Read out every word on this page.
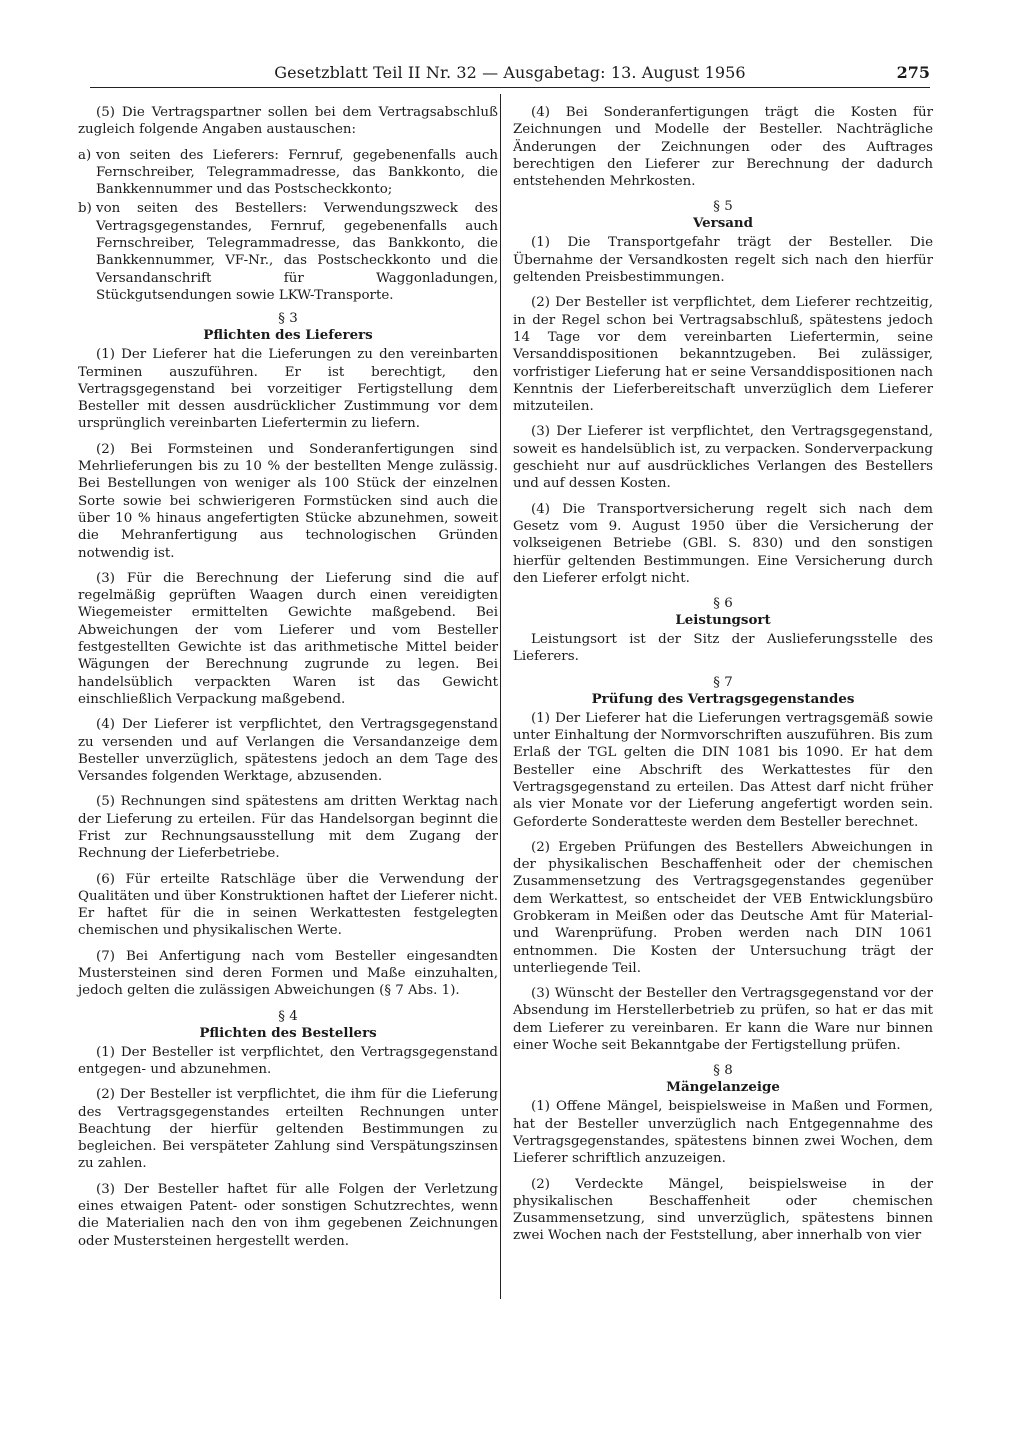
Gesetzblatt Teil II Nr. 32 — Ausgabetag: 13. August 1956	275

(5) Die Vertragspartner sollen bei dem Vertragsabschluß zugleich folgende Angaben austauschen:

a) von seiten des Lieferers: Fernruf, gegebenenfalls auch Fernschreiber, Telegrammadresse, das Bankkonto, die Bankkennummer und das Postscheckkonto;
b) von seiten des Bestellers: Verwendungszweck des Vertragsgegenstandes, Fernruf, gegebenenfalls auch Fernschreiber, Telegrammadresse, das Bankkonto, die Bankkennummer, VF-Nr., das Postscheckkonto und die Versandanschrift für Waggonladungen, Stückgutsendungen sowie LKW-Transporte.
§ 3
Pflichten des Lieferers

(1) Der Lieferer hat die Lieferungen zu den vereinbarten Terminen auszuführen. Er ist berechtigt, den Vertragsgegenstand bei vorzeitiger Fertigstellung dem Besteller mit dessen ausdrücklicher Zustimmung vor dem ursprünglich vereinbarten Liefertermin zu liefern.

(2) Bei Formsteinen und Sonderanfertigungen sind Mehrlieferungen bis zu 10 % der bestellten Menge zulässig. Bei Bestellungen von weniger als 100 Stück der einzelnen Sorte sowie bei schwierigeren Formstücken sind auch die über 10 % hinaus angefertigten Stücke abzunehmen, soweit die Mehranfertigung aus technologischen Gründen notwendig ist.

(3) Für die Berechnung der Lieferung sind die auf regelmäßig geprüften Waagen durch einen vereidigten Wiegemeister ermittelten Gewichte maßgebend. Bei Abweichungen der vom Lieferer und vom Besteller festgestellten Gewichte ist das arithmetische Mittel beider Wägungen der Berechnung zugrunde zu legen. Bei handelsüblich verpackten Waren ist das Gewicht einschließlich Verpackung maßgebend.

(4) Der Lieferer ist verpflichtet, den Vertragsgegenstand zu versenden und auf Verlangen die Versandanzeige dem Besteller unverzüglich, spätestens jedoch an dem Tage des Versandes folgenden Werktage, abzusenden.

(5) Rechnungen sind spätestens am dritten Werktag nach der Lieferung zu erteilen. Für das Handelsorgan beginnt die Frist zur Rechnungsausstellung mit dem Zugang der Rechnung der Lieferbetriebe.

(6) Für erteilte Ratschläge über die Verwendung der Qualitäten und über Konstruktionen haftet der Lieferer nicht. Er haftet für die in seinen Werkattesten festgelegten chemischen und physikalischen Werte.

(7) Bei Anfertigung nach vom Besteller eingesandten Mustersteinen sind deren Formen und Maße einzuhalten, jedoch gelten die zulässigen Abweichungen (§ 7 Abs. 1).

§ 4
Pflichten des Bestellers

(1) Der Besteller ist verpflichtet, den Vertragsgegenstand entgegen- und abzunehmen.

(2) Der Besteller ist verpflichtet, die ihm für die Lieferung des Vertragsgegenstandes erteilten Rechnungen unter Beachtung der hierfür geltenden Bestimmungen zu begleichen. Bei verspäteter Zahlung sind Verspätungszinsen zu zahlen.

(3) Der Besteller haftet für alle Folgen der Verletzung eines etwaigen Patent- oder sonstigen Schutzrechtes, wenn die Materialien nach den von ihm gegebenen Zeichnungen oder Mustersteinen hergestellt werden.

(4) Bei Sonderanfertigungen trägt die Kosten für Zeichnungen und Modelle der Besteller. Nachträgliche Änderungen der Zeichnungen oder des Auftrages berechtigen den Lieferer zur Berechnung der dadurch entstehenden Mehrkosten.

§ 5
Versand

(1) Die Transportgefahr trägt der Besteller. Die Übernahme der Versandkosten regelt sich nach den hierfür geltenden Preisbestimmungen.

(2) Der Besteller ist verpflichtet, dem Lieferer rechtzeitig, in der Regel schon bei Vertragsabschluß, spätestens jedoch 14 Tage vor dem vereinbarten Liefertermin, seine Versanddispositionen bekanntzugeben. Bei zulässiger, vorfristiger Lieferung hat er seine Versanddispositionen nach Kenntnis der Lieferbereitschaft unverzüglich dem Lieferer mitzuteilen.

(3) Der Lieferer ist verpflichtet, den Vertragsgegenstand, soweit es handelsüblich ist, zu verpacken. Sonderverpackung geschieht nur auf ausdrückliches Verlangen des Bestellers und auf dessen Kosten.

(4) Die Transportversicherung regelt sich nach dem Gesetz vom 9. August 1950 über die Versicherung der volkseigenen Betriebe (GBl. S. 830) und den sonstigen hierfür geltenden Bestimmungen. Eine Versicherung durch den Lieferer erfolgt nicht.

§ 6
Leistungsort

Leistungsort ist der Sitz der Auslieferungsstelle des Lieferers.

§ 7
Prüfung des Vertragsgegenstandes

(1) Der Lieferer hat die Lieferungen vertragsgemäß sowie unter Einhaltung der Normvorschriften auszuführen. Bis zum Erlaß der TGL gelten die DIN 1081 bis 1090. Er hat dem Besteller eine Abschrift des Werkattestes für den Vertragsgegenstand zu erteilen. Das Attest darf nicht früher als vier Monate vor der Lieferung angefertigt worden sein. Geforderte Sonderatteste werden dem Besteller berechnet.

(2) Ergeben Prüfungen des Bestellers Abweichungen in der physikalischen Beschaffenheit oder der chemischen Zusammensetzung des Vertragsgegenstandes gegenüber dem Werkattest, so entscheidet der VEB Entwicklungsbüro Grobkeram in Meißen oder das Deutsche Amt für Material- und Warenprüfung. Proben werden nach DIN 1061 entnommen. Die Kosten der Untersuchung trägt der unterliegende Teil.

(3) Wünscht der Besteller den Vertragsgegenstand vor der Absendung im Herstellerbetrieb zu prüfen, so hat er das mit dem Lieferer zu vereinbaren. Er kann die Ware nur binnen einer Woche seit Bekanntgabe der Fertigstellung prüfen.

§ 8
Mängelanzeige

(1) Offene Mängel, beispielsweise in Maßen und Formen, hat der Besteller unverzüglich nach Entgegennahme des Vertragsgegenstandes, spätestens binnen zwei Wochen, dem Lieferer schriftlich anzuzeigen.

(2) Verdeckte Mängel, beispielsweise in der physikalischen Beschaffenheit oder chemischen Zusammensetzung, sind unverzüglich, spätestens binnen zwei Wochen nach der Feststellung, aber innerhalb von vier
